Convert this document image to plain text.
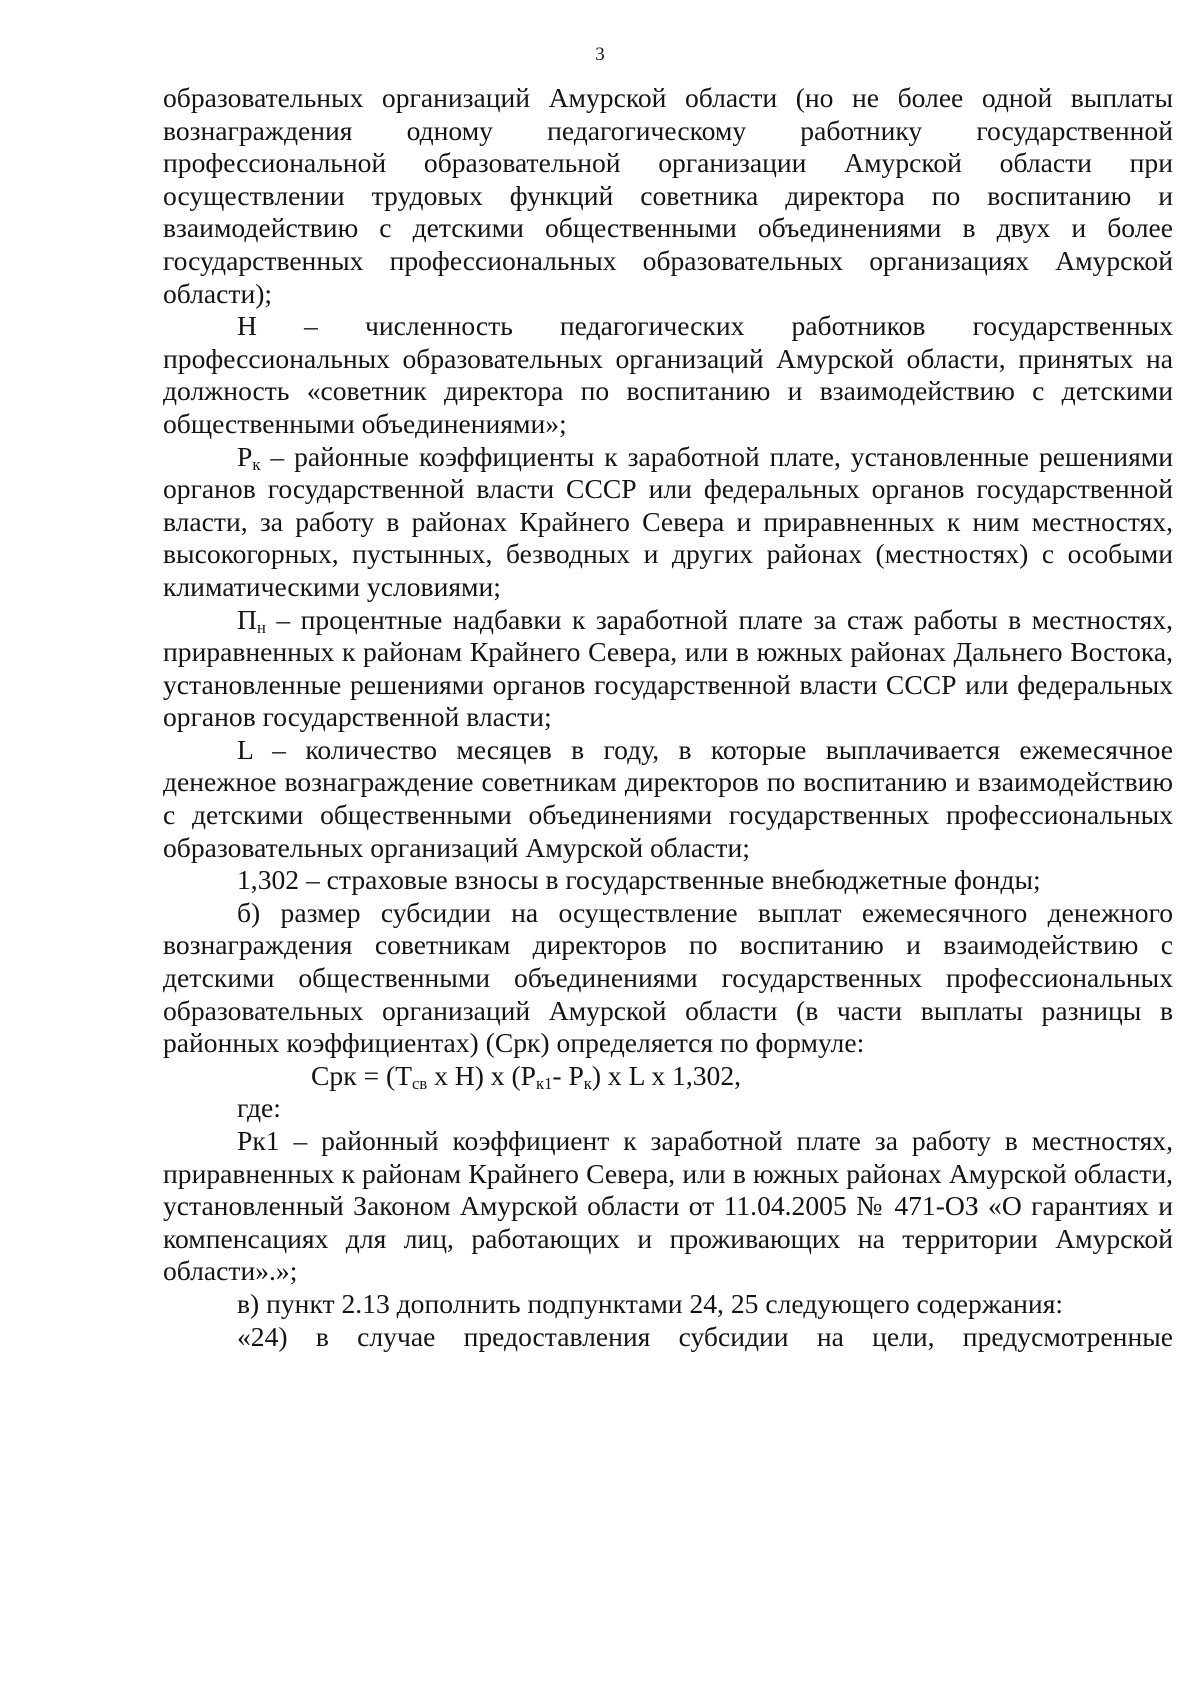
3

образовательных организаций Амурской области (но не более одной выплаты вознаграждения одному педагогическому работнику государственной профессиональной образовательной организации Амурской области при осуществлении трудовых функций советника директора по воспитанию и взаимодействию с детскими общественными объединениями в двух и более государственных профессиональных образовательных организациях Амурской области);

Н – численность педагогических работников государственных профессиональных образовательных организаций Амурской области, принятых на должность «советник директора по воспитанию и взаимодействию с детскими общественными объединениями»;

$Р_к$ – районные коэффициенты к заработной плате, установленные решениями органов государственной власти СССР или федеральных органов государственной власти, за работу в районах Крайнего Севера и приравненных к ним местностях, высокогорных, пустынных, безводных и других районах (местностях) с особыми климатическими условиями;

$П_н$ – процентные надбавки к заработной плате за стаж работы в местностях, приравненных к районам Крайнего Севера, или в южных районах Дальнего Востока, установленные решениями органов государственной власти СССР или федеральных органов государственной власти;

L – количество месяцев в году, в которые выплачивается ежемесячное денежное вознаграждение советникам директоров по воспитанию и взаимодействию с детскими общественными объединениями государственных профессиональных образовательных организаций Амурской области;

1,302 – страховые взносы в государственные внебюджетные фонды;

б) размер субсидии на осуществление выплат ежемесячного денежного вознаграждения советникам директоров по воспитанию и взаимодействию с детскими общественными объединениями государственных профессиональных образовательных организаций Амурской области (в части выплаты разницы в районных коэффициентах) (Срк) определяется по формуле:

Срк = ($Т_{св}$ х Н) х ($Р_{к1}-$ $Р_к$) х L х 1,302,

где:

Рк1 – районный коэффициент к заработной плате за работу в местностях, приравненных к районам Крайнего Севера, или в южных районах Амурской области, установленный Законом Амурской области от 11.04.2005 № 471-ОЗ «О гарантиях и компенсациях для лиц, работающих и проживающих на территории Амурской области».»;

в) пункт 2.13 дополнить подпунктами 24, 25 следующего содержания:

«24) в случае предоставления субсидии на цели, предусмотренные
